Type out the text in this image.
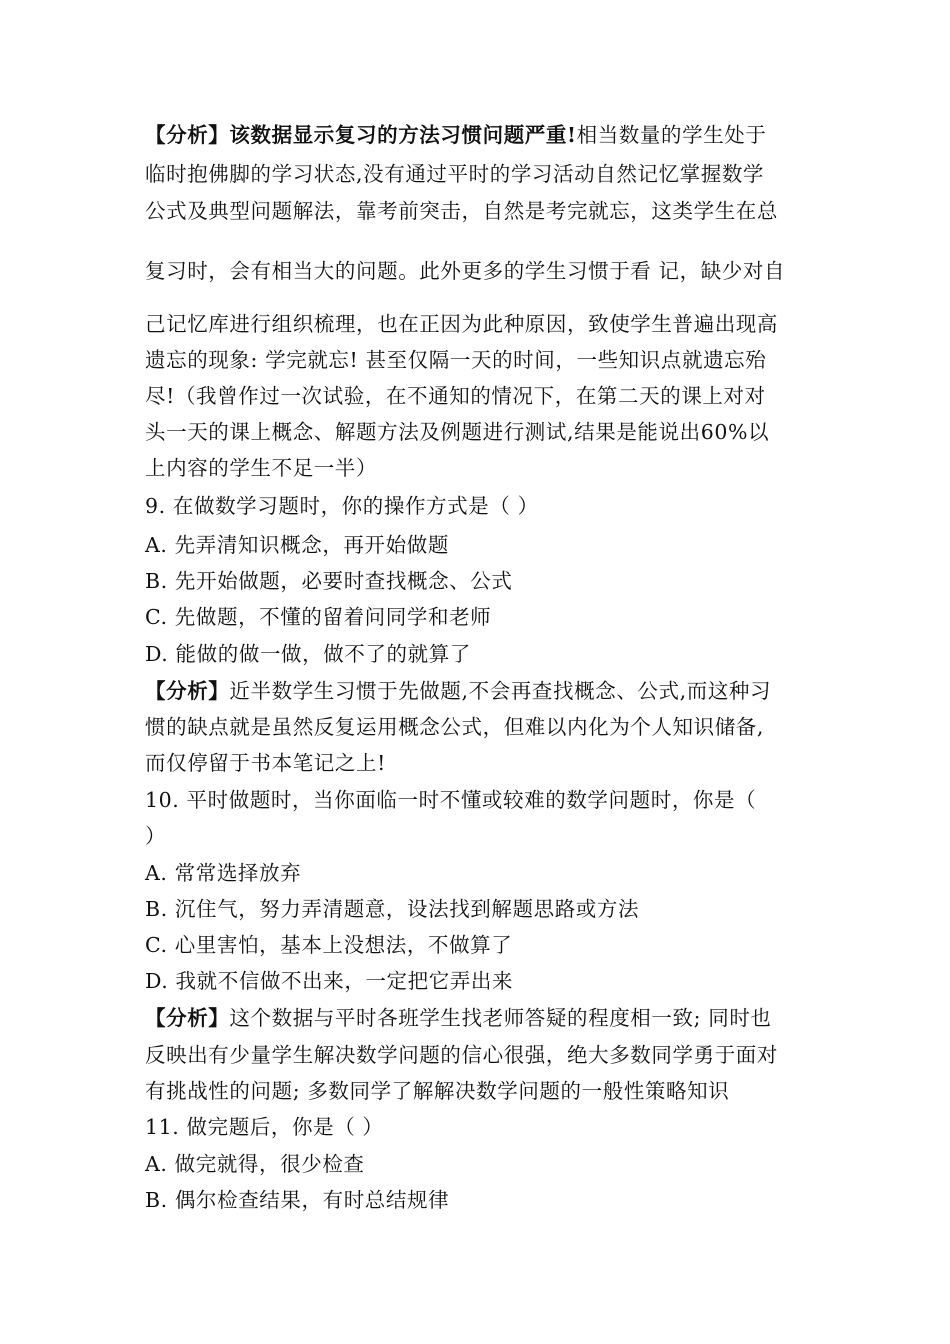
【分析】该数据显示复习的方法习惯问题严重!相当数量的学生处于
临时抱佛脚的学习状态,没有通过平时的学习活动自然记忆掌握数学
公式及典型问题解法，靠考前突击，自然是考完就忘，这类学生在总
复习时，会有相当大的问题。此外更多的学生习惯于看 记，缺少对自
己记忆库进行组织梳理，也在正因为此种原因，致使学生普遍出现高
遗忘的现象: 学完就忘! 甚至仅隔一天的时间，一些知识点就遗忘殆
尽!（我曾作过一次试验，在不通知的情况下，在第二天的课上对对
头一天的课上概念、解题方法及例题进行测试,结果是能说出60%以
上内容的学生不足一半）
9. 在做数学习题时，你的操作方式是（ ）
A. 先弄清知识概念，再开始做题
B. 先开始做题，必要时查找概念、公式
C. 先做题，不懂的留着问同学和老师
D. 能做的做一做，做不了的就算了
【分析】近半数学生习惯于先做题,不会再查找概念、公式,而这种习
惯的缺点就是虽然反复运用概念公式，但难以内化为个人知识储备,
而仅停留于书本笔记之上!
10. 平时做题时，当你面临一时不懂或较难的数学问题时，你是（
）
A. 常常选择放弃
B. 沉住气，努力弄清题意，设法找到解题思路或方法
C. 心里害怕，基本上没想法，不做算了
D. 我就不信做不出来，一定把它弄出来
【分析】这个数据与平时各班学生找老师答疑的程度相一致; 同时也
反映出有少量学生解决数学问题的信心很强，绝大多数同学勇于面对
有挑战性的问题; 多数同学了解解决数学问题的一般性策略知识
11. 做完题后，你是（ ）
A. 做完就得，很少检查
B. 偶尔检查结果，有时总结规律
